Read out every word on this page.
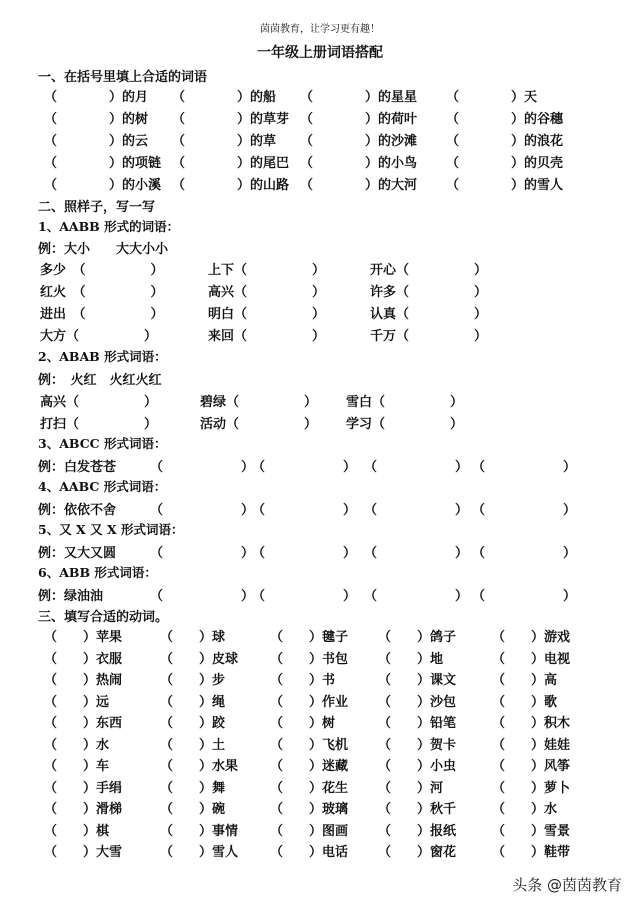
茵茵教育，让学习更有趣！
一年级上册词语搭配
一、在括号里填上合适的词语
（　　　　）的月 （　　　　）的船 （　　　　）的星星 （　　　　）天
（　　　　）的树 （　　　　）的草芽 （　　　　）的荷叶 （　　　　）的谷穗
（　　　　）的云 （　　　　）的草 （　　　　）的沙滩 （　　　　）的浪花
（　　　　）的项链 （　　　　）的尾巴 （　　　　）的小鸟 （　　　　）的贝壳
（　　　　）的小溪 （　　　　）的山路 （　　　　）的大河 （　　　　）的雪人
二、照样子，写一写
1、AABB 形式的词语：
例：大小　　大大小小
多少　（　　　　　）	上下（　　　　　）	开心（　　　　　）
红火　（　　　　　）	高兴（　　　　　）	许多（　　　　　）
进出　（　　　　　）	明白（　　　　　）	认真（　　　　　）
大方（　　　　　）	来回（　　　　　）	千万（　　　　　）
2、ABAB 形式词语：
例：　火红　火红火红
高兴（　　　　　）	碧绿（　　　　　） 雪白（　　　　　）
打扫（　　　　　）	活动（　　　　　） 学习（　　　　　）
3、ABCC 形式词语：
例：白发苍苍	（　　　　　　）
（　　　　　　） （　　　　　　） （　　　　　　）
4、AABC 形式词语：
例：依依不舍	（　　　　　　）
（　　　　　　） （　　　　　　） （　　　　　　）
5、又 X 又 X 形式词语：
例：又大又圆	（　　　　　　）
（　　　　　　） （　　　　　　） （　　　　　　）
6、ABB 形式词语：
例：绿油油	（　　　　　　）
（　　　　　　） （　　　　　　） （　　　　　　）
三、填写合适的动词。
（　　）苹果	（　　）球	（　　）毽子 （　　）鸽子	（　　）游戏
（　　）衣服	（　　）皮球 （　　）书包 （　　）地	（　　）电视
（　　）热闹	（　　）步	（　　）书	（　　）课文	（　　）高
（　　）远	（　　）绳	（　　）作业 （　　）沙包	（　　）歌
（　　）东西	（　　）跤	（　　）树	（　　）铅笔	（　　）积木
（　　）水	（　　）土	（　　）飞机 （　　）贺卡	（　　）娃娃
（　　）车	（　　）水果 （　　）迷藏 （　　）小虫	（　　）风筝
（　　）手绢	（　　）舞	（　　）花生 （　　）河	（　　）萝卜
（　　）滑梯	（　　）碗	（　　）玻璃 （　　）秋千	（　　）水
（　　）棋	（　　）事情 （　　）图画 （　　）报纸	（　　）雪景
（　　）大雪	（　　）雪人 （　　）电话 （　　）窗花	（　　）鞋带
头条 @茵茵教育
